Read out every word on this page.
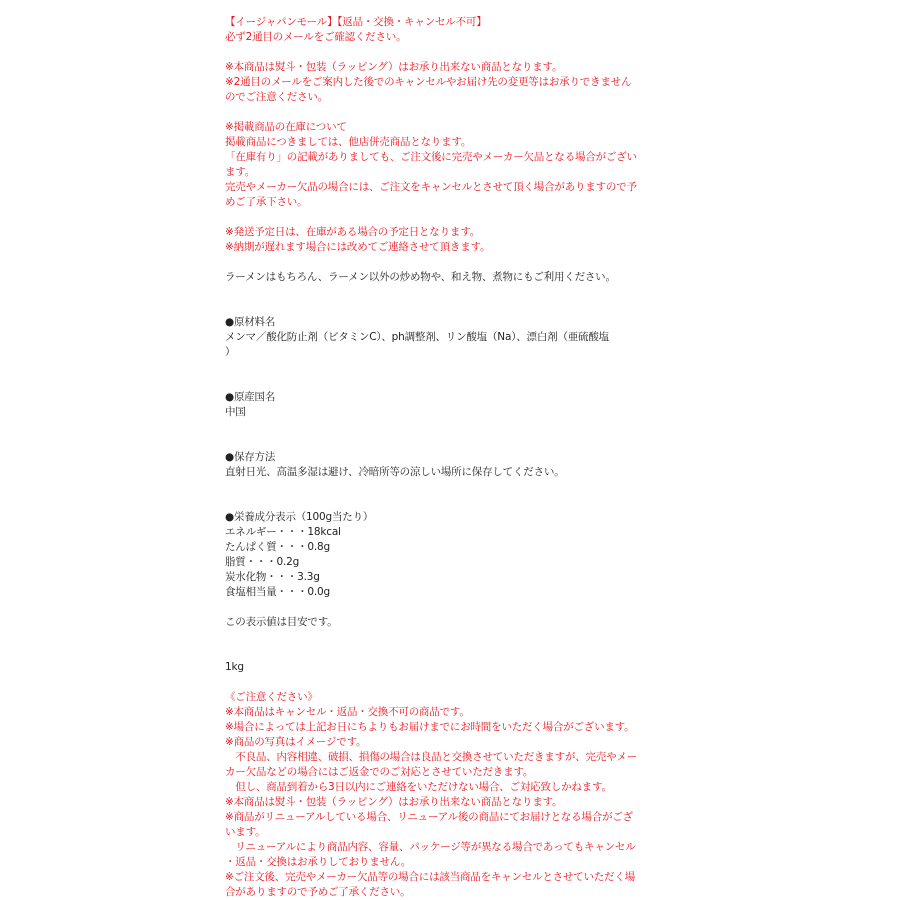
【イージャパンモール】【返品・交換・キャンセル不可】
必ず2通目のメールをご確認ください。
※本商品は熨斗・包装（ラッピング）はお承り出来ない商品となります。
※2通目のメールをご案内した後でのキャンセルやお届け先の変更等はお承りできません
のでご注意ください。
※掲載商品の在庫について
掲載商品につきましては、他店併売商品となります。
「在庫有り」の記載がありましても、ご注文後に完売やメーカー欠品となる場合がござい
ます。
完売やメーカー欠品の場合には、ご注文をキャンセルとさせて頂く場合がありますので予
めご了承下さい。
※発送予定日は、在庫がある場合の予定日となります。
※納期が遅れます場合には改めてご連絡させて頂きます。
ラーメンはもちろん、ラーメン以外の炒め物や、和え物、煮物にもご利用ください。
●原材料名
メンマ／酸化防止剤（ビタミンC）、ph調整剤、リン酸塩（Na）、漂白剤（亜硫酸塩
）
●原産国名
中国
●保存方法
直射日光、高温多湿は避け、冷暗所等の涼しい場所に保存してください。
●栄養成分表示（100g当たり）
エネルギー・・・18kcal
たんぱく質・・・0.8g
脂質・・・0.2g
炭水化物・・・3.3g
食塩相当量・・・0.0g
この表示値は目安です。
1kg
《ご注意ください》
※本商品はキャンセル・返品・交換不可の商品です。
※場合によっては上記お日にちよりもお届けまでにお時間をいただく場合がございます。
※商品の写真はイメージです。
　不良品、内容相違、破損、損傷の場合は良品と交換させていただきますが、完売やメー
カー欠品などの場合にはご返金でのご対応とさせていただきます。
　但し、商品到着から3日以内にご連絡をいただけない場合、ご対応致しかねます。
※本商品は熨斗・包装（ラッピング）はお承り出来ない商品となります。
※商品がリニューアルしている場合、リニューアル後の商品にてお届けとなる場合がござ
います。
　リニューアルにより商品内容、容量、パッケージ等が異なる場合であってもキャンセル
・返品・交換はお承りしておりません。
※ご注文後、完売やメーカー欠品等の場合には該当商品をキャンセルとさせていただく場
合がありますので予めご了承ください。
